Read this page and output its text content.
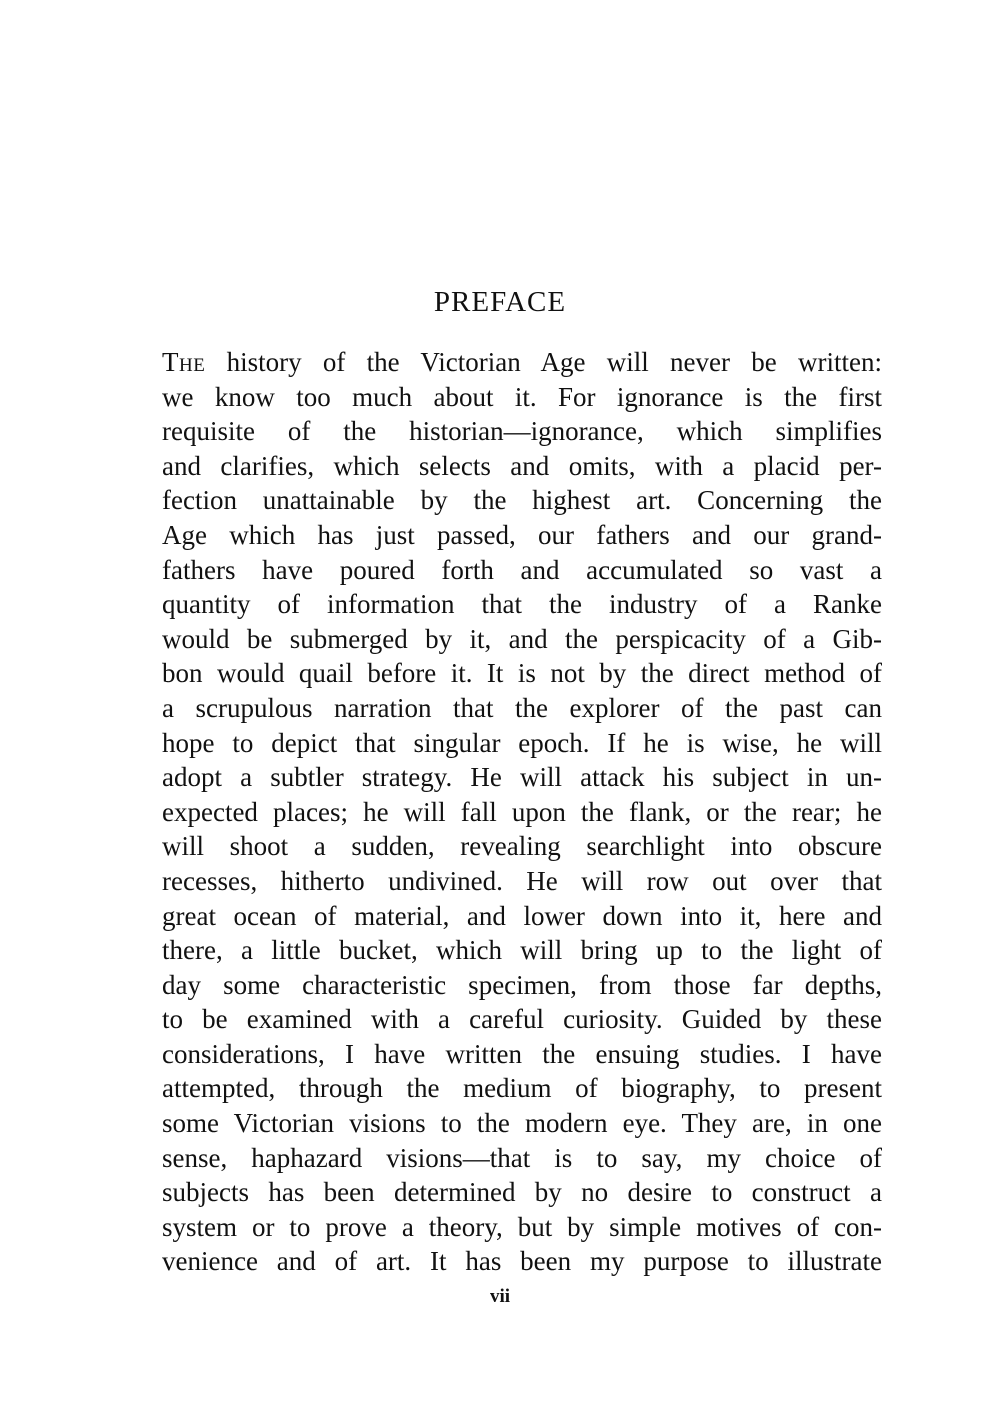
PREFACE
The history of the Victorian Age will never be written:
we know too much about it. For ignorance is the first
requisite of the historian—ignorance, which simplifies
and clarifies, which selects and omits, with a placid per-
fection unattainable by the highest art. Concerning the
Age which has just passed, our fathers and our grand-
fathers have poured forth and accumulated so vast a
quantity of information that the industry of a Ranke
would be submerged by it, and the perspicacity of a Gib-
bon would quail before it. It is not by the direct method of
a scrupulous narration that the explorer of the past can
hope to depict that singular epoch. If he is wise, he will
adopt a subtler strategy. He will attack his subject in un-
expected places; he will fall upon the flank, or the rear; he
will shoot a sudden, revealing searchlight into obscure
recesses, hitherto undivined. He will row out over that
great ocean of material, and lower down into it, here and
there, a little bucket, which will bring up to the light of
day some characteristic specimen, from those far depths,
to be examined with a careful curiosity. Guided by these
considerations, I have written the ensuing studies. I have
attempted, through the medium of biography, to present
some Victorian visions to the modern eye. They are, in one
sense, haphazard visions—that is to say, my choice of
subjects has been determined by no desire to construct a
system or to prove a theory, but by simple motives of con-
venience and of art. It has been my purpose to illustrate
vii
